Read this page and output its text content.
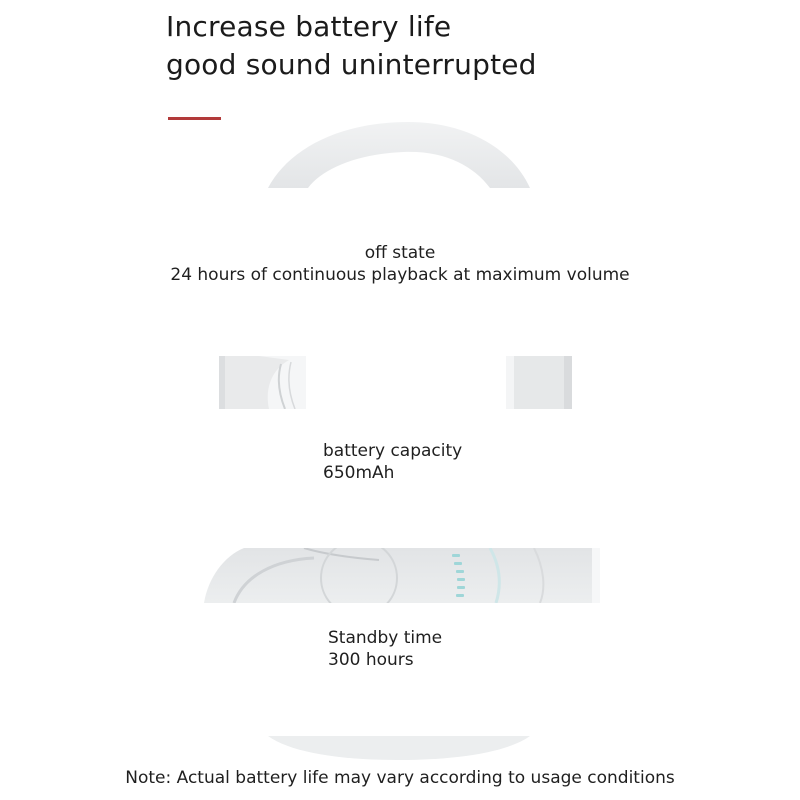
Increase battery life
good sound uninterrupted
off state
24 hours of continuous playback at maximum volume
battery capacity
650mAh
Standby time
300 hours
Note: Actual battery life may vary according to usage conditions
